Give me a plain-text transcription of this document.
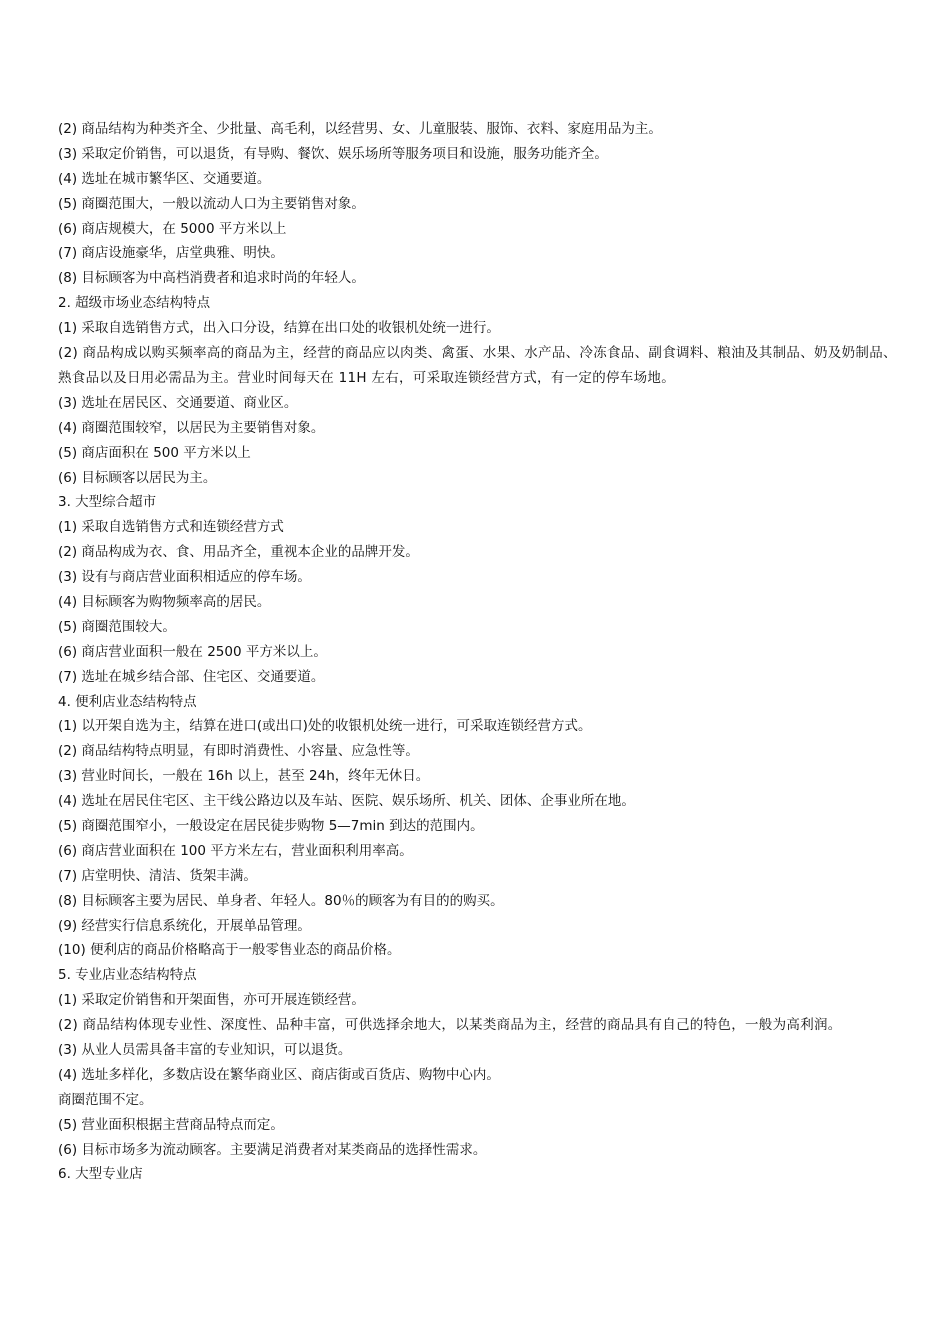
(2) 商品结构为种类齐全、少批量、高毛利，以经营男、女、儿童服装、服饰、衣料、家庭用品为主。
(3) 采取定价销售，可以退货，有导购、餐饮、娱乐场所等服务项目和设施，服务功能齐全。
(4) 选址在城市繁华区、交通要道。
(5) 商圈范围大，一般以流动人口为主要销售对象。
(6) 商店规模大，在 5000 平方米以上
(7) 商店设施豪华，店堂典雅、明快。
(8) 目标顾客为中高档消费者和追求时尚的年轻人。
2. 超级市场业态结构特点
(1) 采取自选销售方式，出入口分设，结算在出口处的收银机处统一进行。
(2) 商品构成以购买频率高的商品为主，经营的商品应以肉类、禽蛋、水果、水产品、冷冻食品、副食调料、粮油及其制品、奶及奶制品、熟食品以及日用必需品为主。营业时间每天在 11H 左右，可采取连锁经营方式，有一定的停车场地。
(3) 选址在居民区、交通要道、商业区。
(4) 商圈范围较窄，以居民为主要销售对象。
(5) 商店面积在 500 平方米以上
(6) 目标顾客以居民为主。
3. 大型综合超市
(1) 采取自选销售方式和连锁经营方式
(2) 商品构成为衣、食、用品齐全，重视本企业的品牌开发。
(3) 设有与商店营业面积相适应的停车场。
(4) 目标顾客为购物频率高的居民。
(5) 商圈范围较大。
(6) 商店营业面积一般在 2500 平方米以上。
(7) 选址在城乡结合部、住宅区、交通要道。
4. 便利店业态结构特点
(1) 以开架自选为主，结算在进口(或出口)处的收银机处统一进行，可采取连锁经营方式。
(2) 商品结构特点明显，有即时消费性、小容量、应急性等。
(3) 营业时间长，一般在 16h 以上，甚至 24h，终年无休日。
(4) 选址在居民住宅区、主干线公路边以及车站、医院、娱乐场所、机关、团体、企事业所在地。
(5) 商圈范围窄小，一般设定在居民徒步购物 5—7min 到达的范围内。
(6) 商店营业面积在 100 平方米左右，营业面积利用率高。
(7) 店堂明快、清洁、货架丰满。
(8) 目标顾客主要为居民、单身者、年轻人。80％的顾客为有目的的购买。
(9) 经营实行信息系统化，开展单品管理。
(10) 便利店的商品价格略高于一般零售业态的商品价格。
5. 专业店业态结构特点
(1) 采取定价销售和开架面售，亦可开展连锁经营。
(2) 商品结构体现专业性、深度性、品种丰富，可供选择余地大，以某类商品为主，经营的商品具有自己的特色，一般为高利润。
(3) 从业人员需具备丰富的专业知识，可以退货。
(4) 选址多样化，多数店设在繁华商业区、商店街或百货店、购物中心内。
商圈范围不定。
(5) 营业面积根据主营商品特点而定。
(6) 目标市场多为流动顾客。主要满足消费者对某类商品的选择性需求。
6. 大型专业店
